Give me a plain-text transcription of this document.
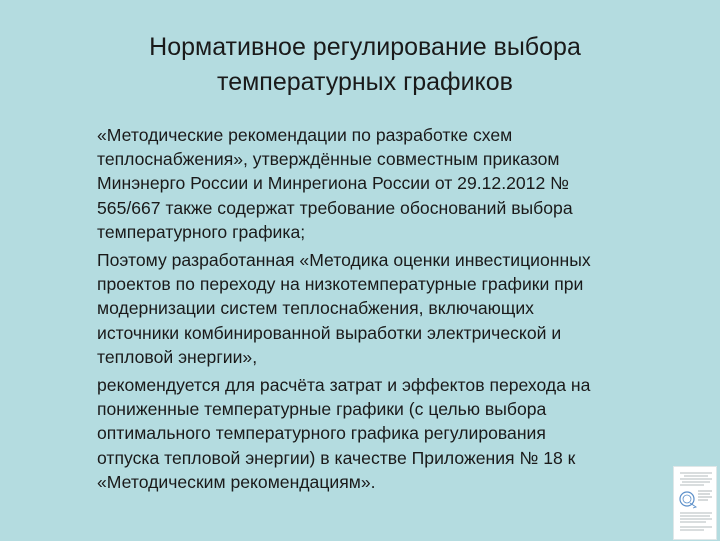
Нормативное регулирование выбора
температурных графиков
«Методические рекомендации по разработке схем
теплоснабжения», утверждённые совместным приказом
Минэнерго России и Минрегиона России от 29.12.2012 №
565/667 также содержат требование обоснований выбора
температурного графика;
Поэтому разработанная «Методика оценки инвестиционных
проектов по переходу на низкотемпературные графики при
модернизации систем теплоснабжения, включающих
источники комбинированной выработки электрической и
тепловой энергии»,
рекомендуется для расчёта затрат и эффектов перехода на
пониженные температурные графики (с целью выбора
оптимального температурного графика регулирования
отпуска тепловой энергии) в качестве Приложения № 18 к
«Методическим рекомендациям».
